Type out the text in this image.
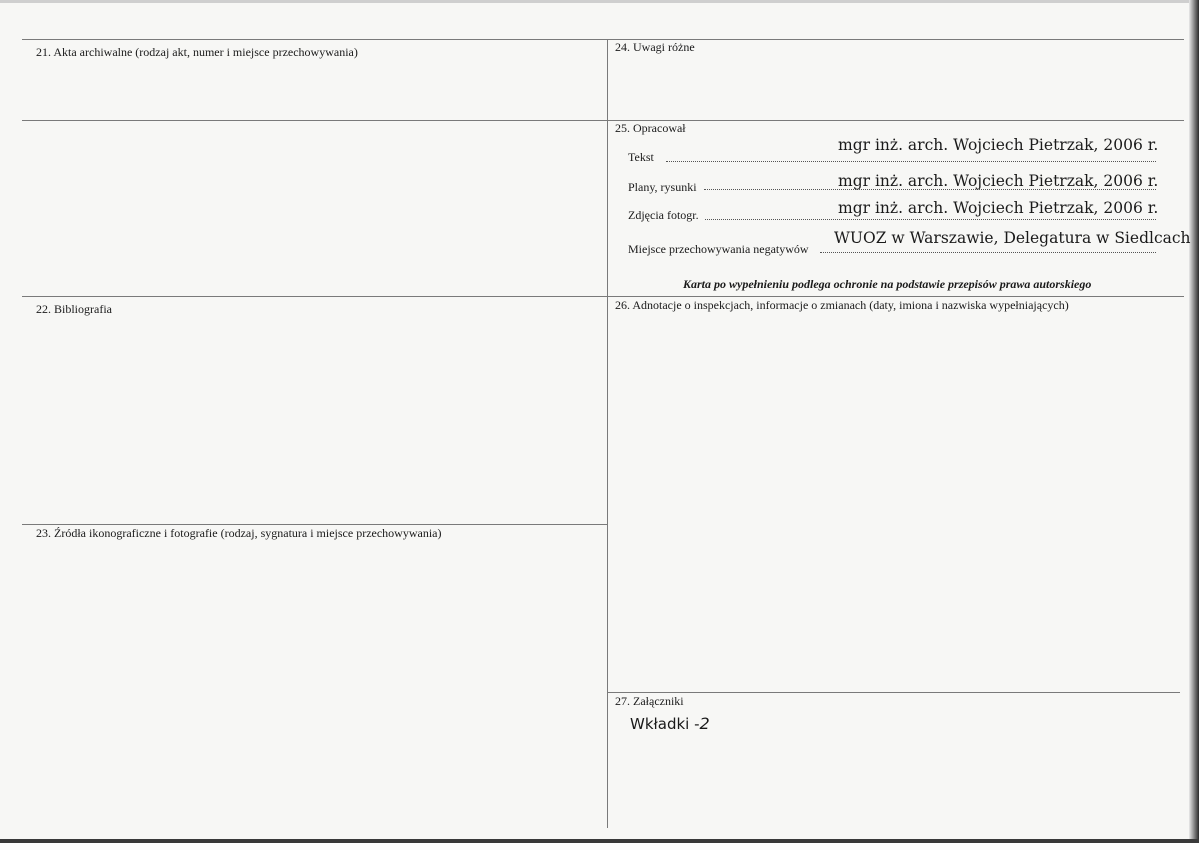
21. Akta archiwalne (rodzaj akt, numer i miejsce przechowywania)
22. Bibliografia
23. Źródła ikonograficzne i fotografie (rodzaj, sygnatura i miejsce przechowywania)
24. Uwagi różne
25. Opracował
Tekst
mgr inż. arch. Wojciech Pietrzak, 2006 r.
Plany, rysunki	mgr inż. arch. Wojciech Pietrzak, 2006 r.
Zdjęcia fotogr.	mgr inż. arch. Wojciech Pietrzak, 2006 r.
Miejsce przechowywania negatywów
WUOZ w Warszawie, Delegatura w Siedlcach
Karta po wypełnieniu podlega ochronie na podstawie przepisów prawa autorskiego
26. Adnotacje o inspekcjach, informacje o zmianach (daty, imiona i nazwiska wypełniających)
27. Załączniki
Wkładki -2
